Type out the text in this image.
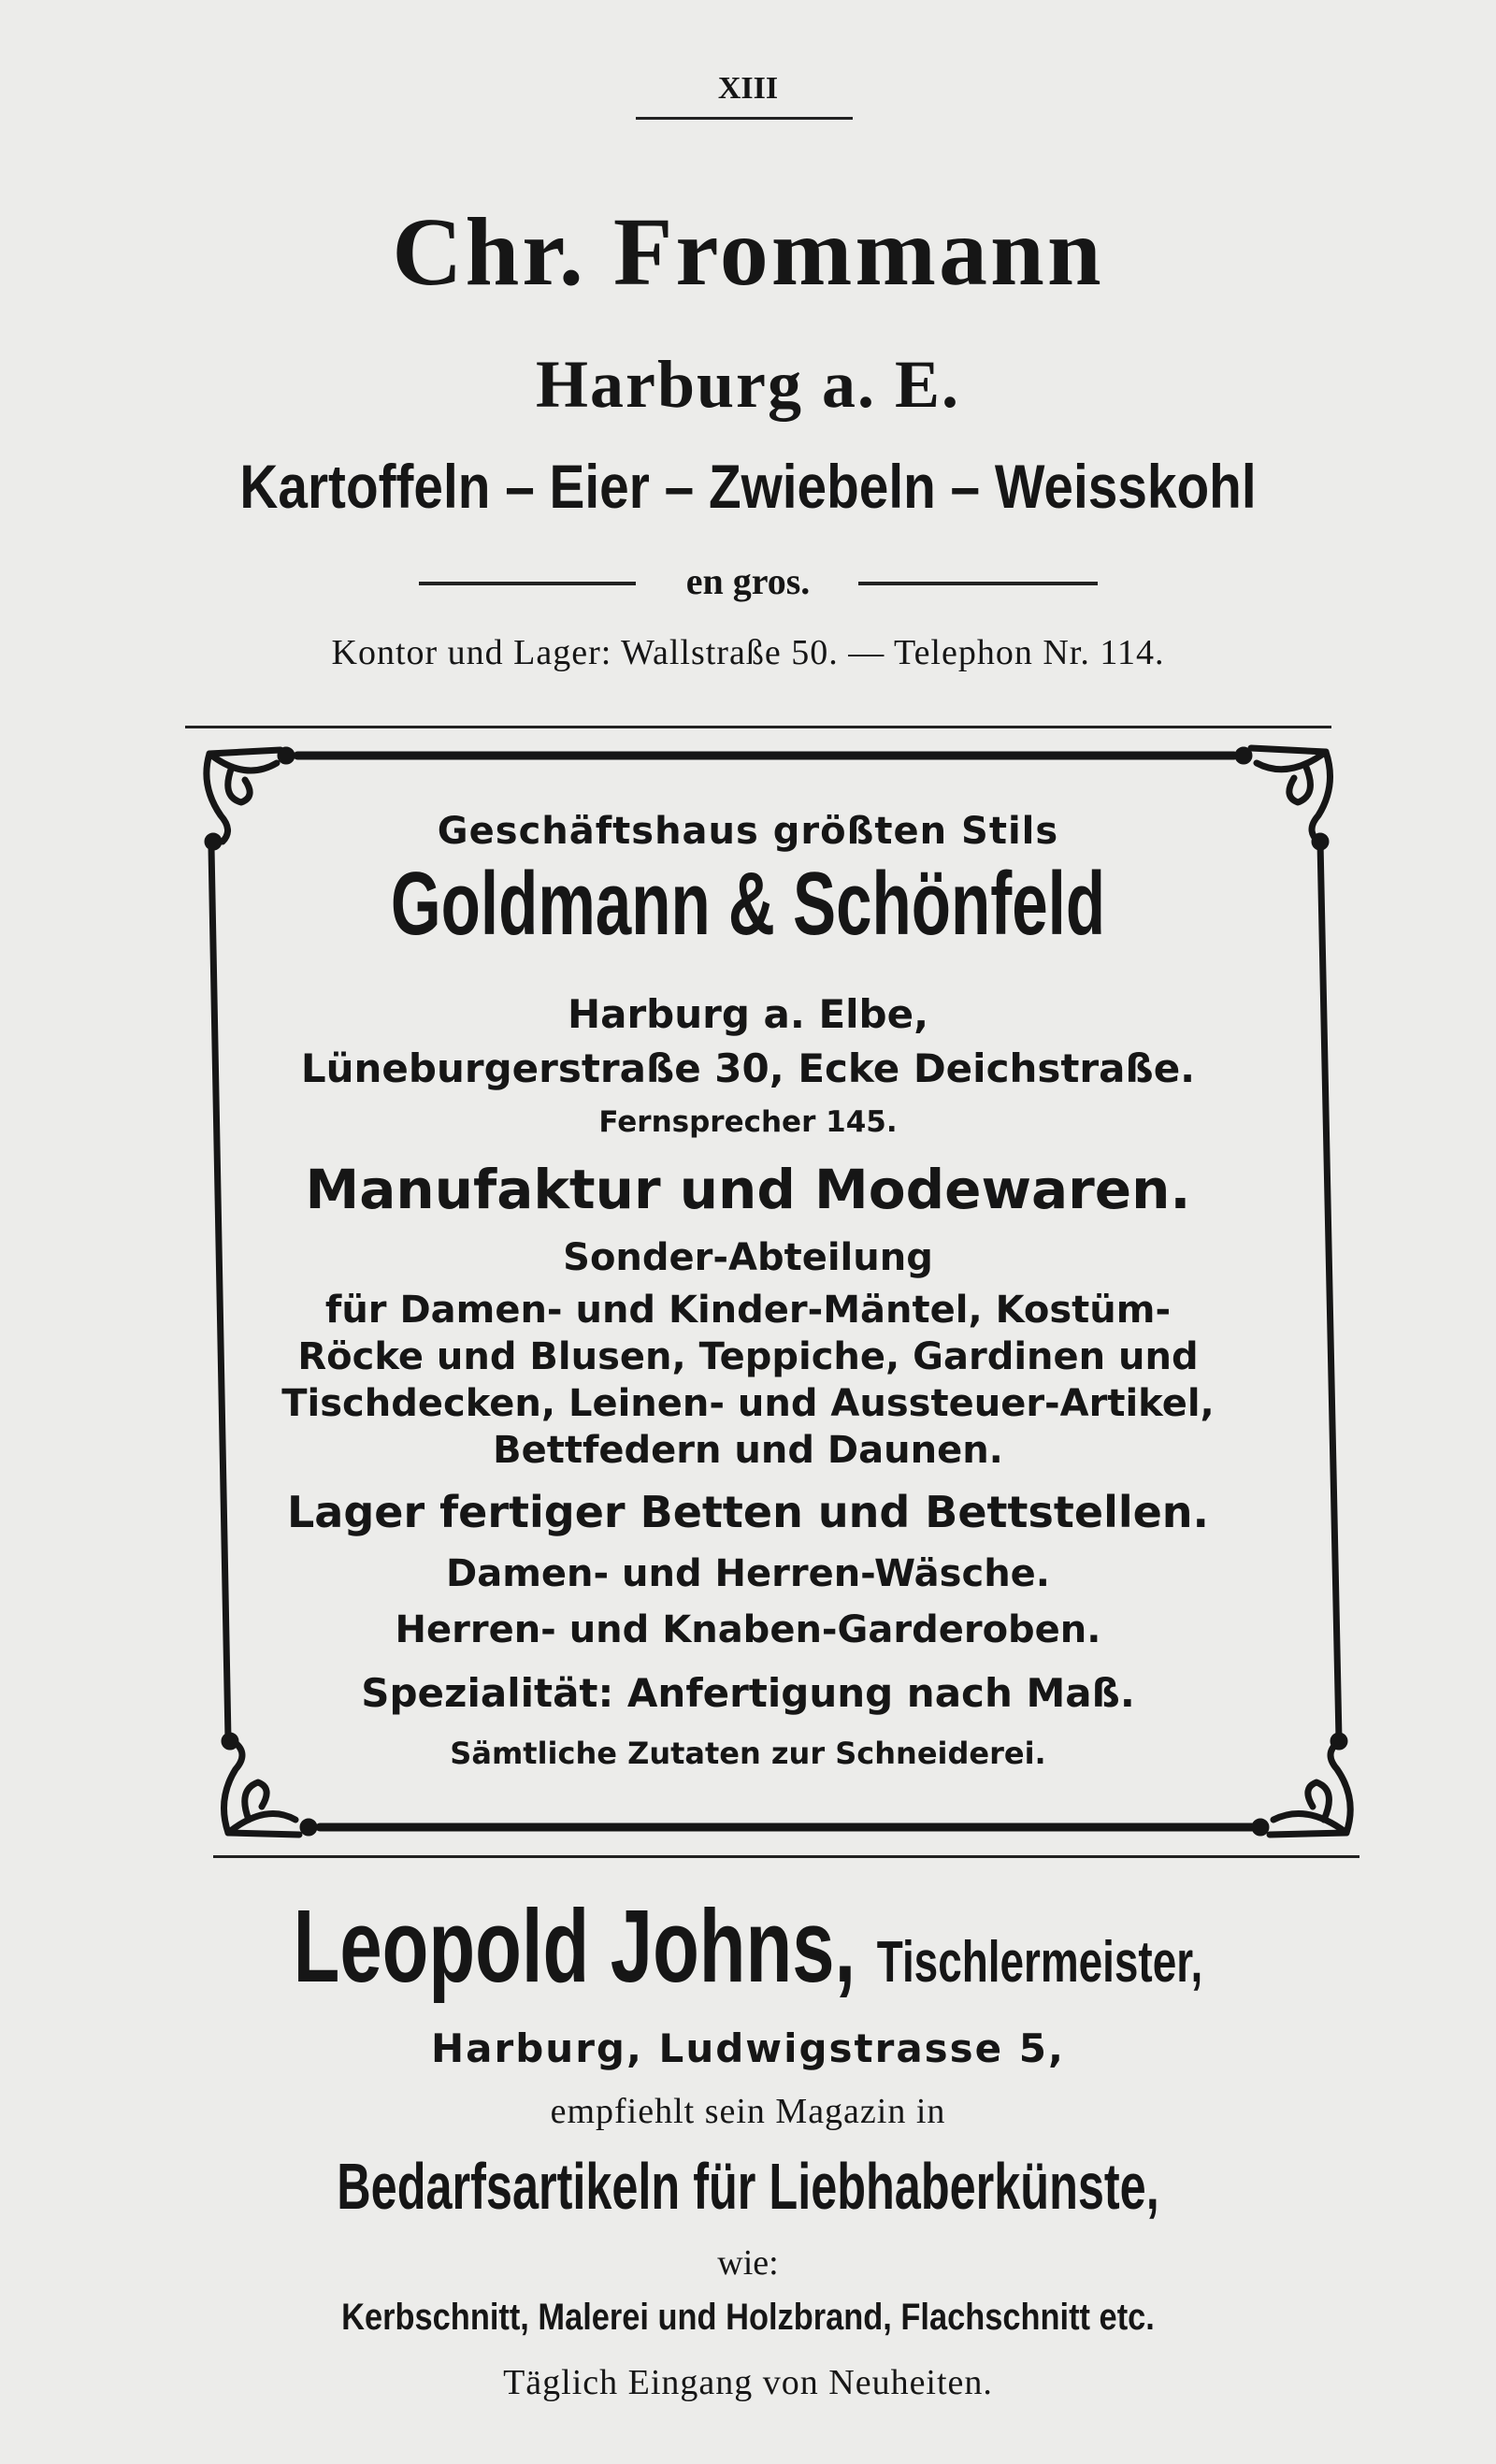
XIII
Chr. Frommann
Harburg a. E.
Kartoffeln – Eier – Zwiebeln – Weisskohl
en gros.
Kontor und Lager: Wallstraße 50. — Telephon Nr. 114.
Geschäftshaus größten Stils
Goldmann & Schönfeld
Harburg a. Elbe,
Lüneburgerstraße 30, Ecke Deichstraße.
Fernsprecher 145.
Manufaktur und Modewaren.
Sonder-Abteilung
für Damen- und Kinder-Mäntel, Kostüm-
Röcke und Blusen, Teppiche, Gardinen und
Tischdecken, Leinen- und Aussteuer-Artikel,
Bettfedern und Daunen.
Lager fertiger Betten und Bettstellen.
Damen- und Herren-Wäsche.
Herren- und Knaben-Garderoben.
Spezialität: Anfertigung nach Maß.
Sämtliche Zutaten zur Schneiderei.
Leopold Johns, Tischlermeister,
Harburg, Ludwigstrasse 5,
empfiehlt sein Magazin in
Bedarfsartikeln für Liebhaberkünste,
wie:
Kerbschnitt, Malerei und Holzbrand, Flachschnitt etc.
Täglich Eingang von Neuheiten.
